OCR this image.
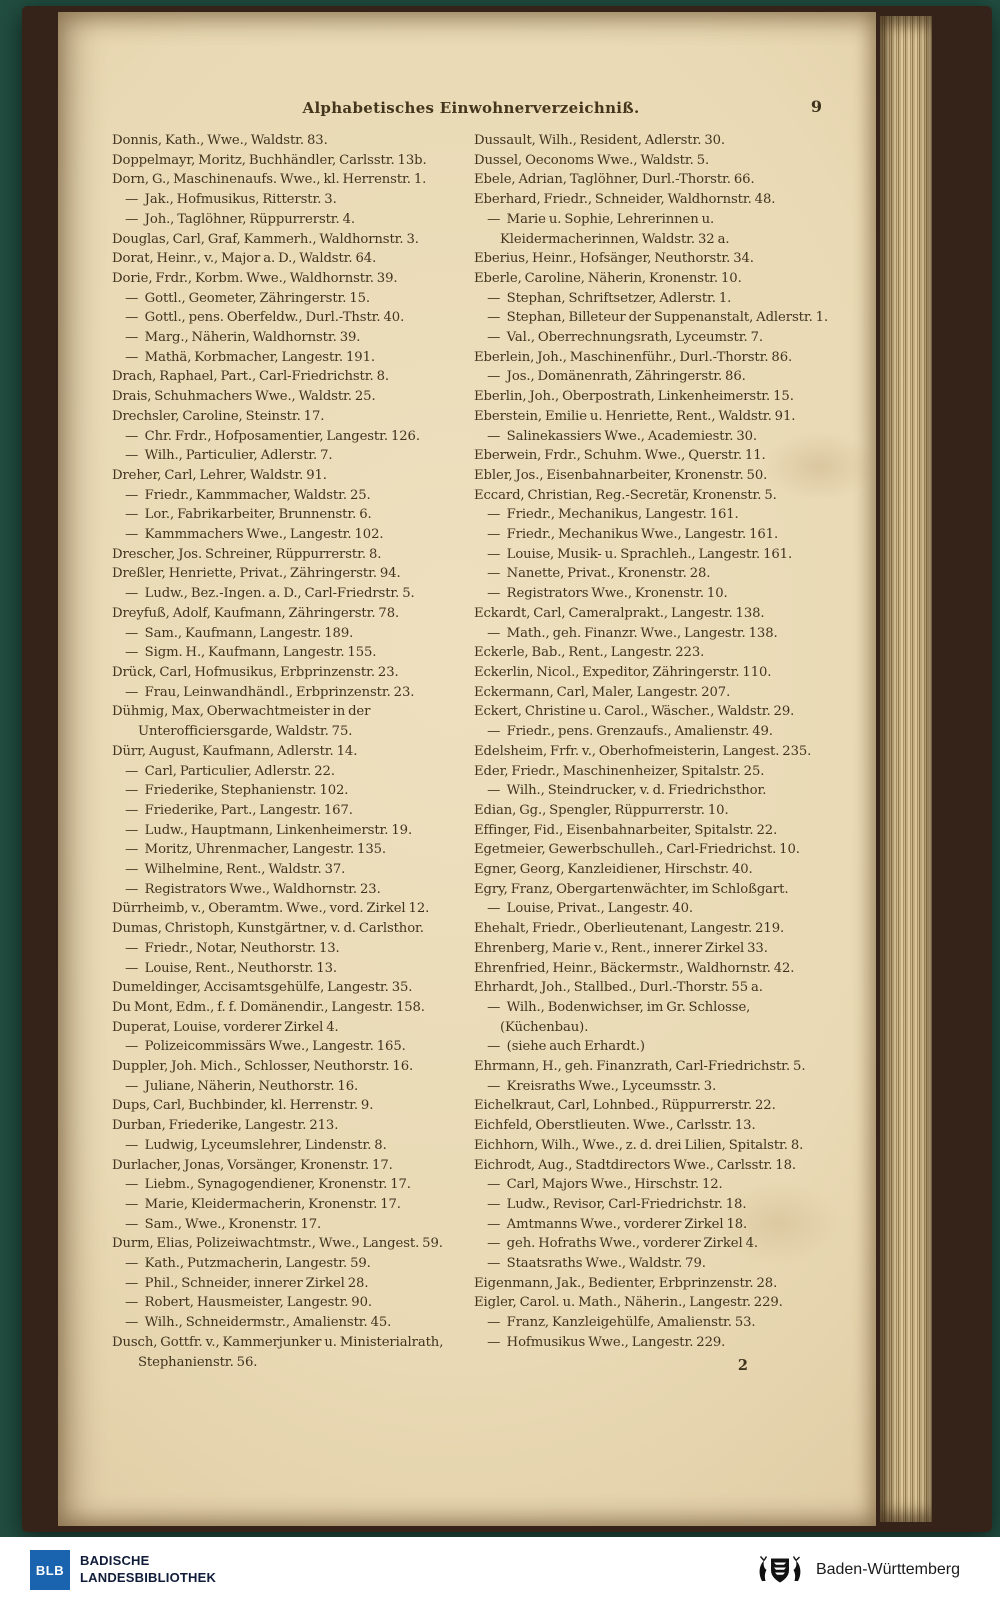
Alphabetisches Einwohnerverzeichniß.	9
Donnis, Kath., Wwe., Waldstr. 83.
Doppelmayr, Moritz, Buchhändler, Carlsstr. 13b.
Dorn, G., Maschinenaufs. Wwe., kl. Herrenstr. 1.
 — Jak., Hofmusikus, Ritterstr. 3.
 — Joh., Taglöhner, Rüppurrerstr. 4.
Douglas, Carl, Graf, Kammerh., Waldhornstr. 3.
Dorat, Heinr., v., Major a. D., Waldstr. 64.
Dorie, Frdr., Korbm. Wwe., Waldhornstr. 39.
 — Gottl., Geometer, Zähringerstr. 15.
 — Gottl., pens. Oberfeldw., Durl.-Thstr. 40.
 — Marg., Näherin, Waldhornstr. 39.
 — Mathä, Korbmacher, Langestr. 191.
Drach, Raphael, Part., Carl-Friedrichstr. 8.
Drais, Schuhmachers Wwe., Waldstr. 25.
Drechsler, Caroline, Steinstr. 17.
 — Chr. Frdr., Hofposamentier, Langestr. 126.
 — Wilh., Particulier, Adlerstr. 7.
Dreher, Carl, Lehrer, Waldstr. 91.
 — Friedr., Kammmacher, Waldstr. 25.
 — Lor., Fabrikarbeiter, Brunnenstr. 6.
 — Kammmachers Wwe., Langestr. 102.
Drescher, Jos. Schreiner, Rüppurrerstr. 8.
Dreßler, Henriette, Privat., Zähringerstr. 94.
 — Ludw., Bez.-Ingen. a. D., Carl-Friedrstr. 5.
Dreyfuß, Adolf, Kaufmann, Zähringerstr. 78.
 — Sam., Kaufmann, Langestr. 189.
 — Sigm. H., Kaufmann, Langestr. 155.
Drück, Carl, Hofmusikus, Erbprinzenstr. 23.
 — Frau, Leinwandhändl., Erbprinzenstr. 23.
Dühmig, Max, Oberwachtmeister in der Unterofficiersgarde, Waldstr. 75.
Dürr, August, Kaufmann, Adlerstr. 14.
 — Carl, Particulier, Adlerstr. 22.
 — Friederike, Stephanienstr. 102.
 — Friederike, Part., Langestr. 167.
 — Ludw., Hauptmann, Linkenheimerstr. 19.
 — Moritz, Uhrenmacher, Langestr. 135.
 — Wilhelmine, Rent., Waldstr. 37.
 — Registrators Wwe., Waldhornstr. 23.
Dürrheimb, v., Oberamtm. Wwe., vord. Zirkel 12.
Dumas, Christoph, Kunstgärtner, v. d. Carlsthor.
 — Friedr., Notar, Neuthorstr. 13.
 — Louise, Rent., Neuthorstr. 13.
Dumeldinger, Accisamtsgehülfe, Langestr. 35.
Du Mont, Edm., f. f. Domänendir., Langestr. 158.
Duperat, Louise, vorderer Zirkel 4.
 — Polizeicommissärs Wwe., Langestr. 165.
Duppler, Joh. Mich., Schlosser, Neuthorstr. 16.
 — Juliane, Näherin, Neuthorstr. 16.
Dups, Carl, Buchbinder, kl. Herrenstr. 9.
Durban, Friederike, Langestr. 213.
 — Ludwig, Lyceumslehrer, Lindenstr. 8.
Durlacher, Jonas, Vorsänger, Kronenstr. 17.
 — Liebm., Synagogendiener, Kronenstr. 17.
 — Marie, Kleidermacherin, Kronenstr. 17.
 — Sam., Wwe., Kronenstr. 17.
Durm, Elias, Polizeiwachtmstr., Wwe., Langest. 59.
 — Kath., Putzmacherin, Langestr. 59.
 — Phil., Schneider, innerer Zirkel 28.
 — Robert, Hausmeister, Langestr. 90.
 — Wilh., Schneidermstr., Amalienstr. 45.
Dusch, Gottfr. v., Kammerjunker u. Ministerialrath, Stephanienstr. 56.
Dussault, Wilh., Resident, Adlerstr. 30.
Dussel, Oeconoms Wwe., Waldstr. 5.
Ebele, Adrian, Taglöhner, Durl.-Thorstr. 66.
Eberhard, Friedr., Schneider, Waldhornstr. 48.
 — Marie u. Sophie, Lehrerinnen u. Kleidermacherinnen, Waldstr. 32 a.
Eberius, Heinr., Hofsänger, Neuthorstr. 34.
Eberle, Caroline, Näherin, Kronenstr. 10.
 — Stephan, Schriftsetzer, Adlerstr. 1.
 — Stephan, Billeteur der Suppenanstalt, Adlerstr. 1.
 — Val., Oberrechnungsrath, Lyceumstr. 7.
Eberlein, Joh., Maschinenführ., Durl.-Thorstr. 86.
 — Jos., Domänenrath, Zähringerstr. 86.
Eberlin, Joh., Oberpostrath, Linkenheimerstr. 15.
Eberstein, Emilie u. Henriette, Rent., Waldstr. 91.
 — Salinekassiers Wwe., Academiestr. 30.
Eberwein, Frdr., Schuhm. Wwe., Querstr. 11.
Ebler, Jos., Eisenbahnarbeiter, Kronenstr. 50.
Eccard, Christian, Reg.-Secretär, Kronenstr. 5.
 — Friedr., Mechanikus, Langestr. 161.
 — Friedr., Mechanikus Wwe., Langestr. 161.
 — Louise, Musik- u. Sprachleh., Langestr. 161.
 — Nanette, Privat., Kronenstr. 28.
 — Registrators Wwe., Kronenstr. 10.
Eckardt, Carl, Cameralprakt., Langestr. 138.
 — Math., geh. Finanzr. Wwe., Langestr. 138.
Eckerle, Bab., Rent., Langestr. 223.
Eckerlin, Nicol., Expeditor, Zähringerstr. 110.
Eckermann, Carl, Maler, Langestr. 207.
Eckert, Christine u. Carol., Wäscher., Waldstr. 29.
 — Friedr., pens. Grenzaufs., Amalienstr. 49.
Edelsheim, Frfr. v., Oberhofmeisterin, Langest. 235.
Eder, Friedr., Maschinenheizer, Spitalstr. 25.
 — Wilh., Steindrucker, v. d. Friedrichsthor.
Edian, Gg., Spengler, Rüppurrerstr. 10.
Effinger, Fid., Eisenbahnarbeiter, Spitalstr. 22.
Egetmeier, Gewerbschulleh., Carl-Friedrichst. 10.
Egner, Georg, Kanzleidiener, Hirschstr. 40.
Egry, Franz, Obergartenwächter, im Schloßgart.
 — Louise, Privat., Langestr. 40.
Ehehalt, Friedr., Oberlieutenant, Langestr. 219.
Ehrenberg, Marie v., Rent., innerer Zirkel 33.
Ehrenfried, Heinr., Bäckermstr., Waldhornstr. 42.
Ehrhardt, Joh., Stallbed., Durl.-Thorstr. 55 a.
 — Wilh., Bodenwichser, im Gr. Schlosse, (Küchenbau).
 — (siehe auch Erhardt.)
Ehrmann, H., geh. Finanzrath, Carl-Friedrichstr. 5.
 — Kreisraths Wwe., Lyceumsstr. 3.
Eichelkraut, Carl, Lohnbed., Rüppurrerstr. 22.
Eichfeld, Oberstlieuten. Wwe., Carlsstr. 13.
Eichhorn, Wilh., Wwe., z. d. drei Lilien, Spitalstr. 8.
Eichrodt, Aug., Stadtdirectors Wwe., Carlsstr. 18.
 — Carl, Majors Wwe., Hirschstr. 12.
 — Ludw., Revisor, Carl-Friedrichstr. 18.
 — Amtmanns Wwe., vorderer Zirkel 18.
 — geh. Hofraths Wwe., vorderer Zirkel 4.
 — Staatsraths Wwe., Waldstr. 79.
Eigenmann, Jak., Bedienter, Erbprinzenstr. 28.
Eigler, Carol. u. Math., Näherin., Langestr. 229.
 — Franz, Kanzleigehülfe, Amalienstr. 53.
 — Hofmusikus Wwe., Langestr. 229.
2
BLB
BADISCHE
LANDESBIBLIOTHEK	Baden-Württemberg
